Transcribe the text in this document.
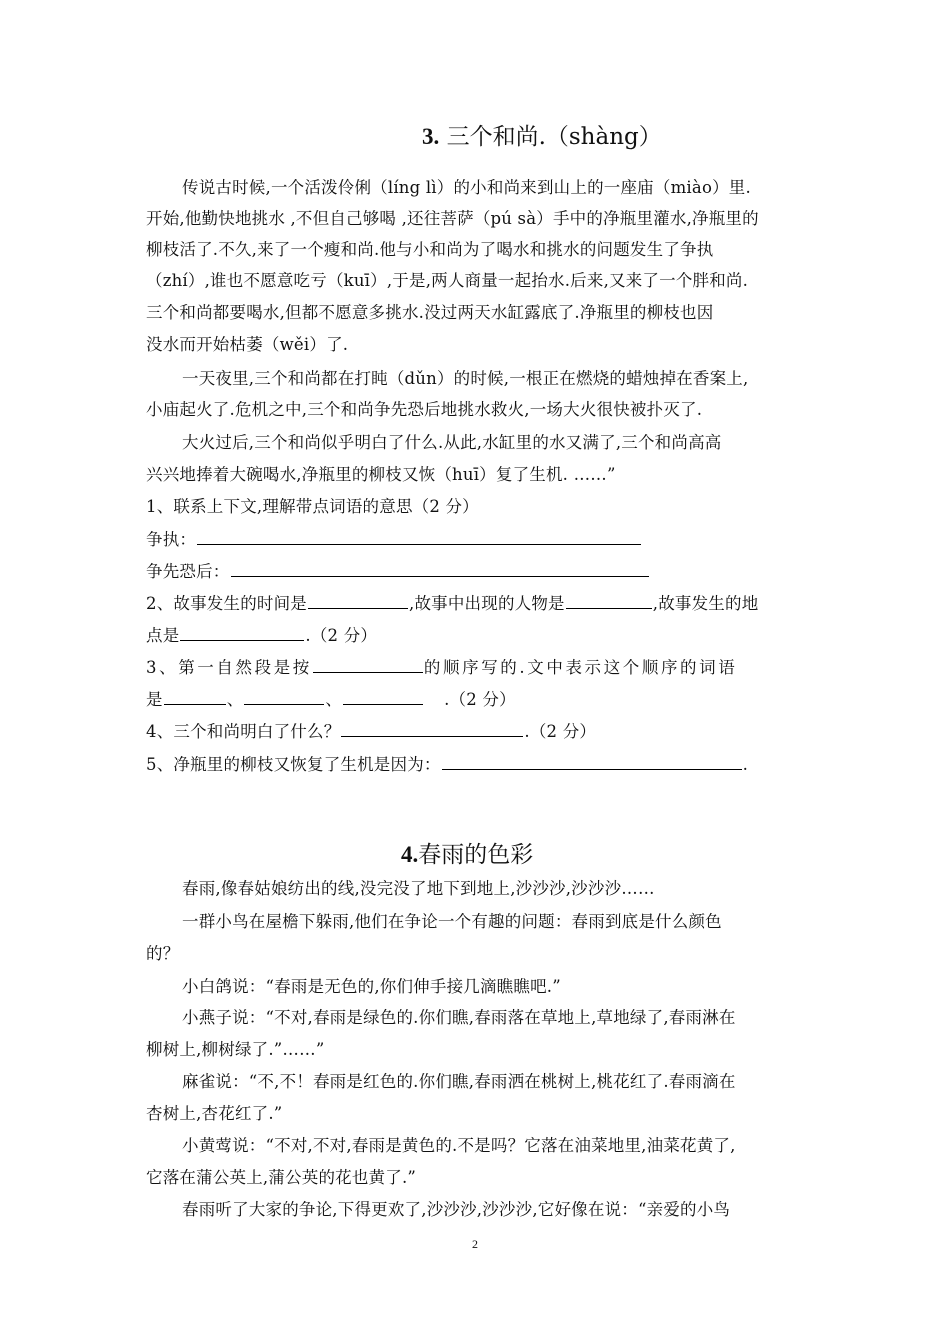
3. 三个和尚.（shàng）
传说古时候,一个活泼伶俐（líng lì）的小和尚来到山上的一座庙（miào）里.
开始,他勤快地挑水 ,不但自己够喝 ,还往菩萨（pú sà）手中的净瓶里灌水,净瓶里的
柳枝活了.不久,来了一个瘦和尚.他与小和尚为了喝水和挑水的问题发生了争执
（zhí）,谁也不愿意吃亏（kuī）,于是,两人商量一起抬水.后来,又来了一个胖和尚.
三个和尚都要喝水,但都不愿意多挑水.没过两天水缸露底了.净瓶里的柳枝也因
没水而开始枯萎（wěi）了.
一天夜里,三个和尚都在打盹（dǔn）的时候,一根正在燃烧的蜡烛掉在香案上,
小庙起火了.危机之中,三个和尚争先恐后地挑水救火,一场大火很快被扑灭了.
大火过后,三个和尚似乎明白了什么.从此,水缸里的水又满了,三个和尚高高
兴兴地捧着大碗喝水,净瓶里的柳枝又恢（huī）复了生机. ……”
1、联系上下文,理解带点词语的意思（2 分）
争执：
争先恐后：
2、故事发生的时间是	,故事中出现的人物是	,故事发生的地
点是	.（2 分）
3、第一自然段是按	的顺序写的.文中表示这个顺序的词语
是	、	、	.（2 分）
4、三个和尚明白了什么？	.（2 分）
5、净瓶里的柳枝又恢复了生机是因为：	.
4.春雨的色彩
春雨,像春姑娘纺出的线,没完没了地下到地上,沙沙沙,沙沙沙……
一群小鸟在屋檐下躲雨,他们在争论一个有趣的问题：春雨到底是什么颜色
的？
小白鸽说：“春雨是无色的,你们伸手接几滴瞧瞧吧.”
小燕子说：“不对,春雨是绿色的.你们瞧,春雨落在草地上,草地绿了,春雨淋在
柳树上,柳树绿了.”……”
麻雀说：“不,不！春雨是红色的.你们瞧,春雨洒在桃树上,桃花红了.春雨滴在
杏树上,杏花红了.”
小黄莺说：“不对,不对,春雨是黄色的.不是吗？它落在油菜地里,油菜花黄了,
它落在蒲公英上,蒲公英的花也黄了.”
春雨听了大家的争论,下得更欢了,沙沙沙,沙沙沙,它好像在说：“亲爱的小鸟
2
